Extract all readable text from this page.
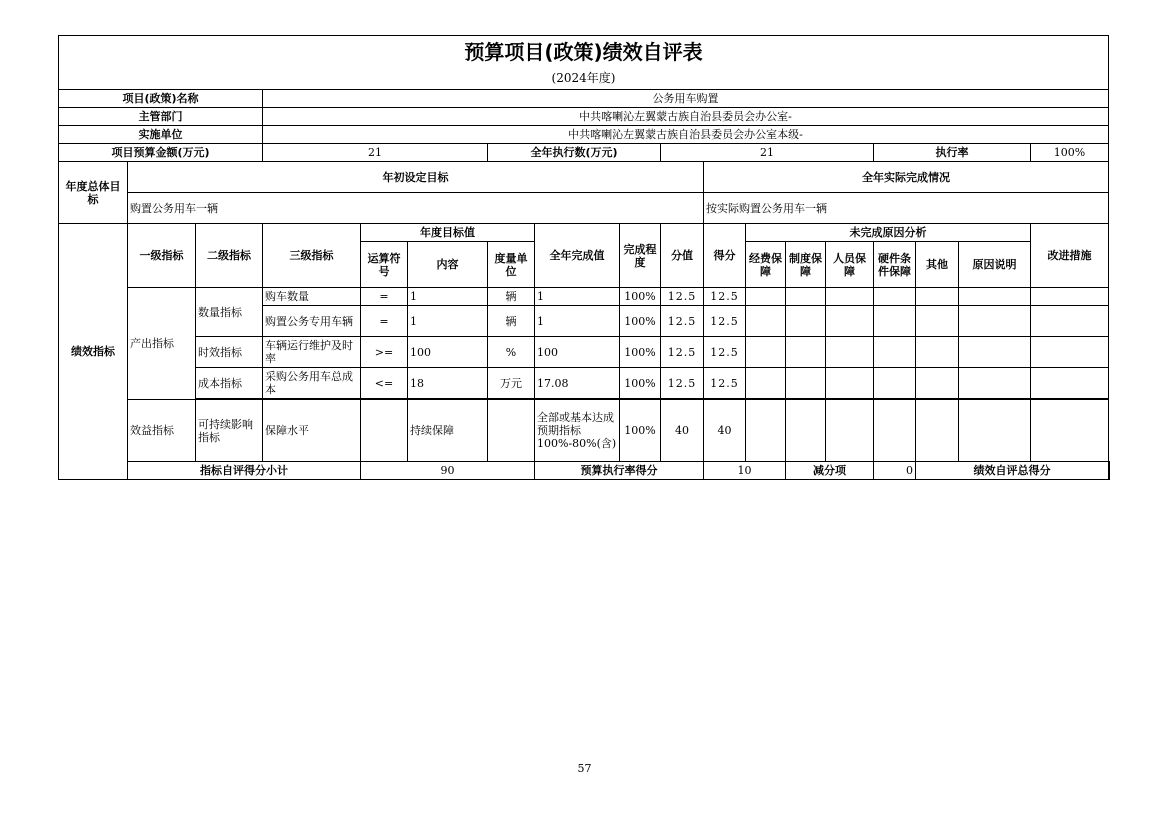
预算项目(政策)绩效自评表																		

(2024年度)																		

项目(政策)名称			公务用车购置															
主管部门			中共喀喇沁左翼蒙古族自治县委员会办公室-															
实施单位			中共喀喇沁左翼蒙古族自治县委员会办公室本级-															
项目预算金额(万元)			21			全年执行数(万元)			21					执行率			100%	
年度总体目标	年初设定目标									全年实际完成情况								
	购置公务用车一辆									按实际购置公务用车一辆								
绩效指标	一级指标	二级指标	三级指标	年度目标值			全年完成值	完成程度	分值	得分	未完成原因分析						改进措施	
				运算符号	内容	度量单位					经费保障	制度保障	人员保障	硬件条件保障	其他	原因说明		
	产出指标	数量指标	购车数量	=	1	辆	1	100%	12.5	12.5								
			购置公务专用车辆	=	1	辆	1	100%	12.5	12.5								
		时效指标	车辆运行维护及时率	>=	100	%	100	100%	12.5	12.5								
		成本指标	采购公务用车总成本	<=	18	万元	17.08	100%	12.5	12.5								

	效益指标	可持续影响指标	保障水平		持续保障		全部或基本达成预期指标100%-80%(含)	100%	40	40								
	指标自评得分小计			90			预算执行率得分			10		减分项		0	绩效自评总得分	
57
